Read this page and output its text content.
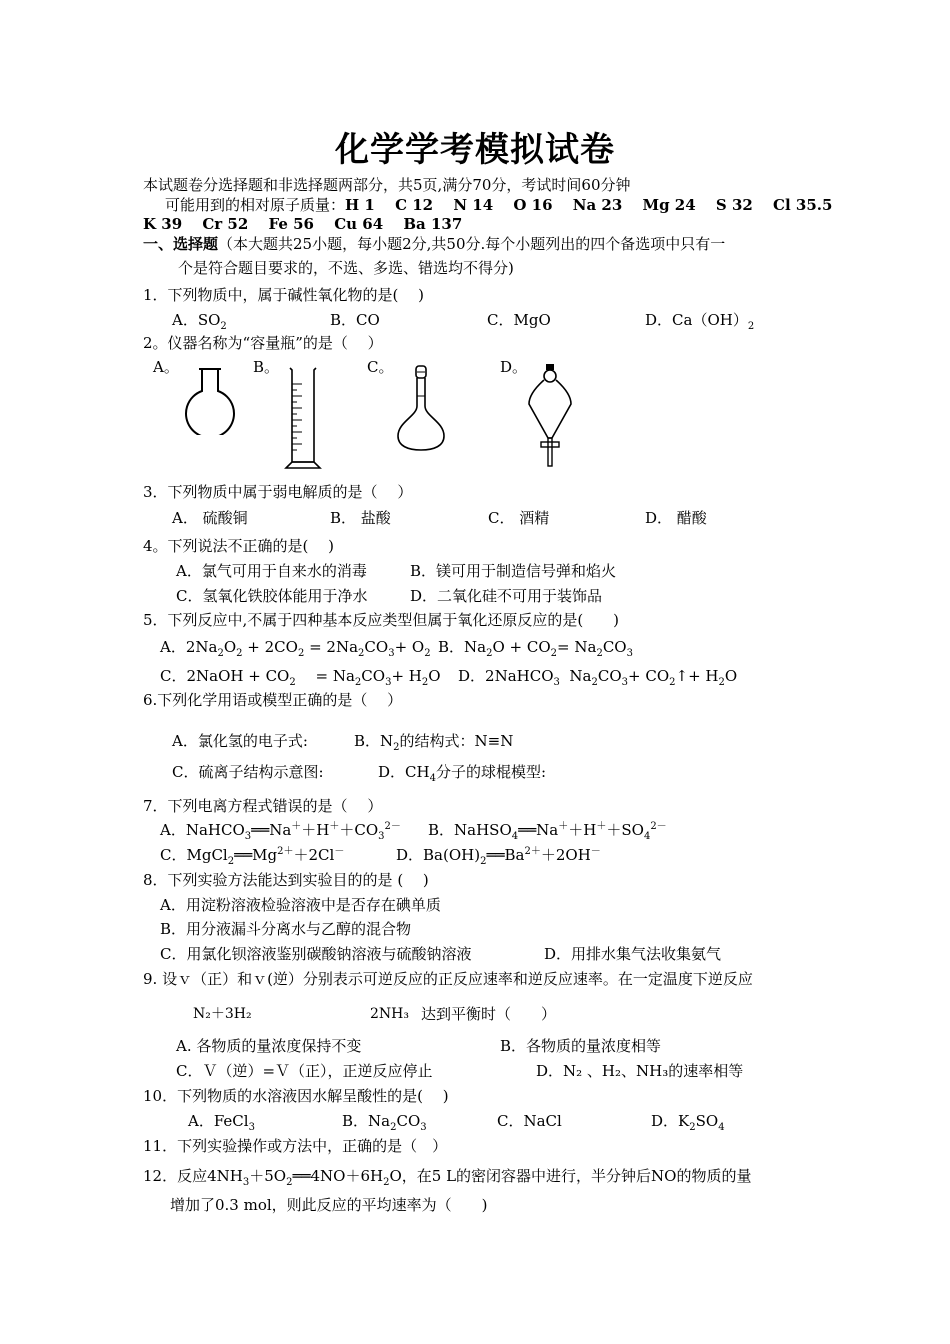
化学学考模拟试卷
本试题卷分选择题和非选择题两部分，共5页,满分70分，考试时间60分钟
可能用到的相对原子质量：H 1　 C 12　 N 14　 O 16　 Na 23　 Mg 24　 S 32　 Cl 35.5
K 39　 Cr 52　 Fe 56　 Cu 64　 Ba 137
一、选择题（本大题共25小题，每小题2分,共50分.每个小题列出的四个备选项中只有一
个是符合题目要求的，不选、多选、错选均不得分)
1．下列物质中，属于碱性氧化物的是(　 )
A．$SO_2$	B．CO	C．MgO	D．$Ca(OH)_2$
2。仪器名称为“容量瓶”的是（　 ）
A。	B。	C。	D。
3．下列物质中属于弱电解质的是（　 ）
A． 硫酸铜	B． 盐酸	C． 酒精	D． 醋酸
4。下列说法不正确的是(　 )
A．氯气可用于自来水的消毒	B．镁可用于制造信号弹和焰火
C．氢氧化铁胶体能用于净水	D．二氧化硅不可用于装饰品
5．下列反应中,不属于四种基本反应类型但属于氧化还原反应的是(　　)
A．$2Na_2O_2 + 2CO_2 = 2Na_2CO_3+ O_2$ B．$Na_2O + CO_2= Na_2CO_3$
C．2NaOH + $CO_2$　 = $Na_2CO_3+ H_2O$ D．2NaHCO$_3$  $Na_2CO_3+$ $CO_2↑+ H_2O$
6.下列化学用语或模型正确的是（　 ）
A．氯化氢的电子式:	B．$N_2$的结构式：N≡N
C．硫离子结构示意图:	D．$CH_4$分子的球棍模型:
7．下列电离方程式错误的是（　 ）
A．$NaHCO_3══Na^++H^++CO_3^{2-}$ B．$NaHSO_4══Na^++H^++SO_4^{2-}$
C．$MgCl_2══Mg^{2+}+2Cl^-$	D．$Ba(OH)_2══Ba^{2+}+2OH^-$
8．下列实验方法能达到实验目的的是 (　 )
A．用淀粉溶液检验溶液中是否存在碘单质
B．用分液漏斗分离水与乙醇的混合物
C．用氯化钡溶液鉴别碳酸钠溶液与硫酸钠溶液	D．用排水集气法收集氨气
9. 设ｖ（正）和ｖ(逆）分别表示可逆反应的正反应速率和逆反应速率。在一定温度下逆反应
N₂＋3H₂	2NH₃ 达到平衡时（　　）
A. 各物质的量浓度保持不变	B．各物质的量浓度相等
C．Ｖ（逆）=Ｖ（正），正逆反应停止	D．N₂ 、H₂、NH₃的速率相等
10．下列物质的水溶液因水解呈酸性的是(　 )
A．FeCl$_3$	B．$Na_2CO_3$	C．NaCl	D．$K_2SO_4$
11．下列实验操作或方法中，正确的是（　）
12．反应$4NH_3+5O_2══4NO+6H_2O$，在5 L的密闭容器中进行，半分钟后NO的物质的量
增加了0.3 mol，则此反应的平均速率为（　　)
